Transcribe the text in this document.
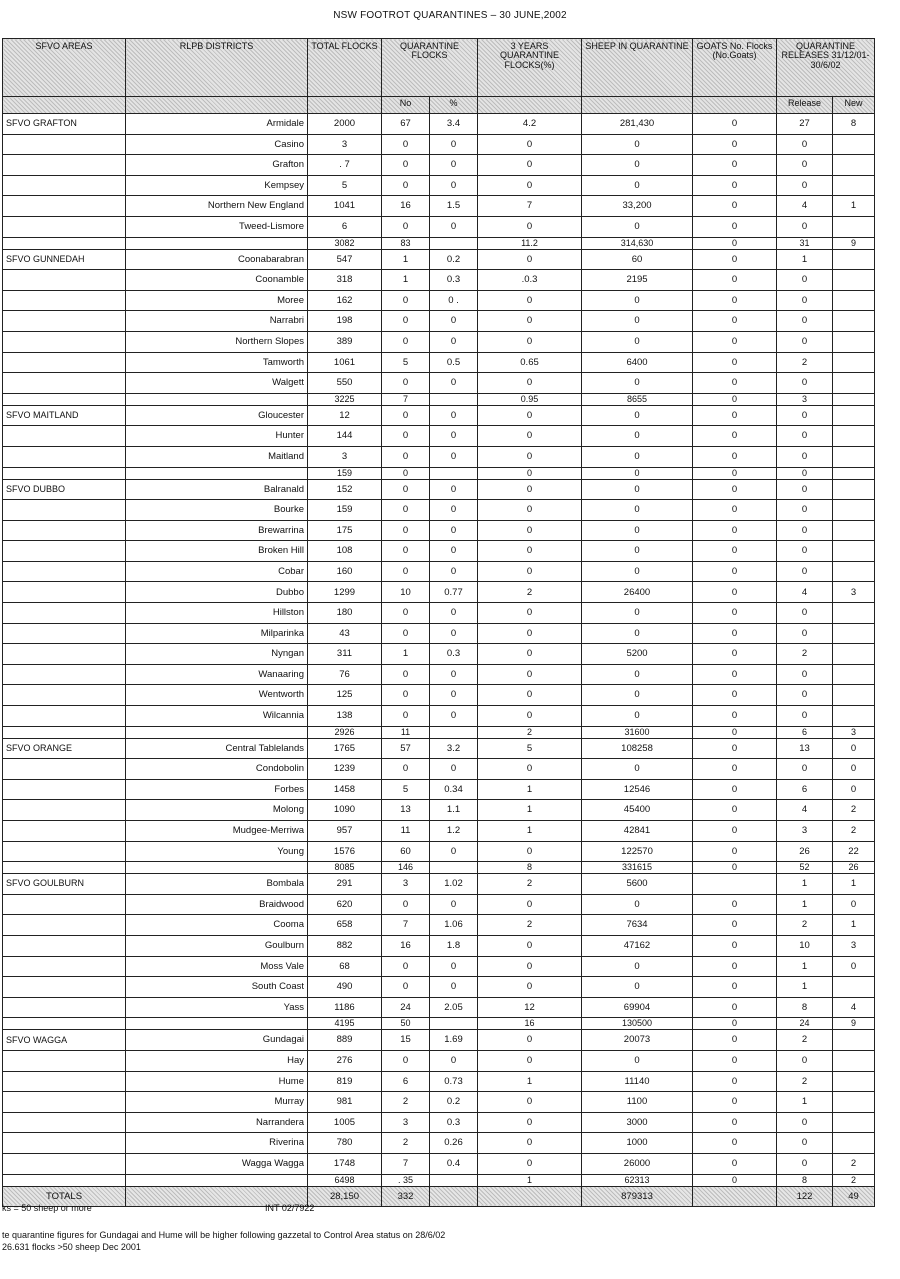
NSW FOOTROT QUARANTINES – 30 JUNE,2002
SFVO AREAS	RLPB DISTRICTS	TOTAL FLOCKS	QUARANTINE FLOCKS		3 YEARS QUARANTINE FLOCKS(%)	SHEEP IN QUARANTINE	GOATS No. Flocks (No.Goats)	QUARANTINE RELEASES 31/12/01-30/6/02	
			No	%				Release	New
SFVO GRAFTON	Armidale	2000	67	3.4	4.2	281,430	0	27	8
	Casino	3	0	0	0	0	0	0	
	Grafton	. 7	0	0	0	0	0	0	
	Kempsey	5	0	0	0	0	0	0	
	Northern New England	1041	16	1.5	7	33,200	0	4	1
	Tweed-Lismore	6	0	0	0	0	0	0	
		3082	83		11.2	314,630	0	31	9
SFVO GUNNEDAH	Coonabarabran	547	1	0.2	0	60	0	1	
	Coonamble	318	1	0.3	.0.3	2195	0	0	
	Moree	162	0	0 .	0	0	0	0	
	Narrabri	198	0	0	0	0	0	0	
	Northern Slopes	389	0	0	0	0	0	0	
	Tamworth	1061	5	0.5	0.65	6400	0	2	
	Walgett	550	0	0	0	0	0	0	
		3225	7		0.95	8655	0	3	
SFVO MAITLAND	Gloucester	12	0	0	0	0	0	0	
	Hunter	144	0	0	0	0	0	0	
	Maitland	3	0	0	0	0	0	0	
		159	0		0	0	0	0	
SFVO DUBBO	Balranald	152	0	0	0	0	0	0	
	Bourke	159	0	0	0	0	0	0	
	Brewarrina	175	0	0	0	0	0	0	
	Broken Hill	108	0	0	0	0	0	0	
	Cobar	160	0	0	0	0	0	0	
	Dubbo	1299	10	0.77	2	26400	0	4	3
	Hillston	180	0	0	0	0	0	0	
	Milparinka	43	0	0	0	0	0	0	
	Nyngan	311	1	0.3	0	5200	0	2	
	Wanaaring	76	0	0	0	0	0	0	
	Wentworth	125	0	0	0	0	0	0	
	Wilcannia	138	0	0	0	0	0	0	
		2926	11		2	31600	0	6	3
SFVO ORANGE	Central Tablelands	1765	57	3.2	5	108258	0	13	0
	Condobolin	1239	0	0	0	0	0	0	0
	Forbes	1458	5	0.34	1	12546	0	6	0
	Molong	1090	13	1.1	1	45400	0	4	2
	Mudgee-Merriwa	957	11	1.2	1	42841	0	3	2
	Young	1576	60	0	0	122570	0	26	22
		8085	146		8	331615	0	52	26
SFVO GOULBURN	Bombala	291	3	1.02	2	5600		1	1
	Braidwood	620	0	0	0	0	0	1	0
	Cooma	658	7	1.06	2	7634	0	2	1
	Goulburn	882	16	1.8	0	47162	0	10	3
	Moss Vale	68	0	0	0	0	0	1	0
	South Coast	490	0	0	0	0	0	1	
	Yass	1186	24	2.05	12	69904	0	8	4
		4195	50		16	130500	0	24	9
SFVO WAGGA	Gundagai	889	15	1.69	0	20073	0	2	
	Hay	276	0	0	0	0	0	0	
	Hume	819	6	0.73	1	11140	0	2	
	Murray	981	2	0.2	0	1100	0	1	
	Narrandera	1005	3	0.3	0	3000	0	0	
	Riverina	780	2	0.26	0	1000	0	0	
	Wagga Wagga	1748	7	0.4	0	26000	0	0	2
		6498	. 35		1	62313	0	8	2
TOTALS		28,150	332			879313		122	49
ks = 50 sheep or more	INT 02/7922
te quarantine figures for Gundagai and Hume will be higher following gazzetal to Control Area status on 28/6/02
26.631 flocks >50 sheep Dec 2001
